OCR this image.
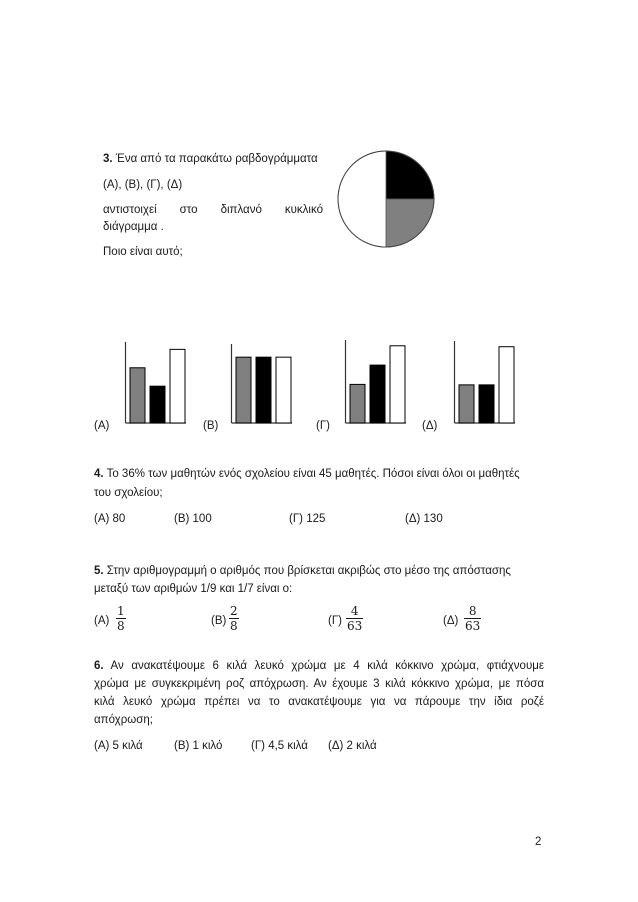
3. Ένα από τα παρακάτω ραβδογράμματα
(Α), (Β), (Γ), (Δ)
αντιστοιχεί στο διπλανό κυκλικό
διάγραμμα .
Ποιο είναι αυτό;
(Α)	(Β)	(Γ)	(Δ)
4. Το 36% των μαθητών ενός σχολείου είναι 45 μαθητές. Πόσοι είναι όλοι οι μαθητές
του σχολείου;
(Α) 80	(Β) 100	(Γ) 125	(Δ) 130
5. Στην αριθμογραμμή ο αριθμός που βρίσκεται ακριβώς στο μέσο της απόστασης
μεταξύ των αριθμών 1/9 και 1/7 είναι ο:
$(A) \frac{1}{8}$	$(B) \frac{2}{8}$	$(\Gamma) \frac{4}{63}$	$(\Delta) \frac{8}{63}$
6. Αν ανακατέψουμε 6 κιλά λευκό χρώμα με 4 κιλά κόκκινο χρώμα, φτιάχνουμε
χρώμα με συγκεκριμένη ροζ απόχρωση. Αν έχουμε 3 κιλά κόκκινο χρώμα, με πόσα
κιλά λευκό χρώμα πρέπει να το ανακατέψουμε για να πάρουμε την ίδια ροζέ
απόχρωση;
(Α) 5 κιλά	(Β) 1 κιλό (Γ) 4,5 κιλά (Δ) 2 κιλά
2
